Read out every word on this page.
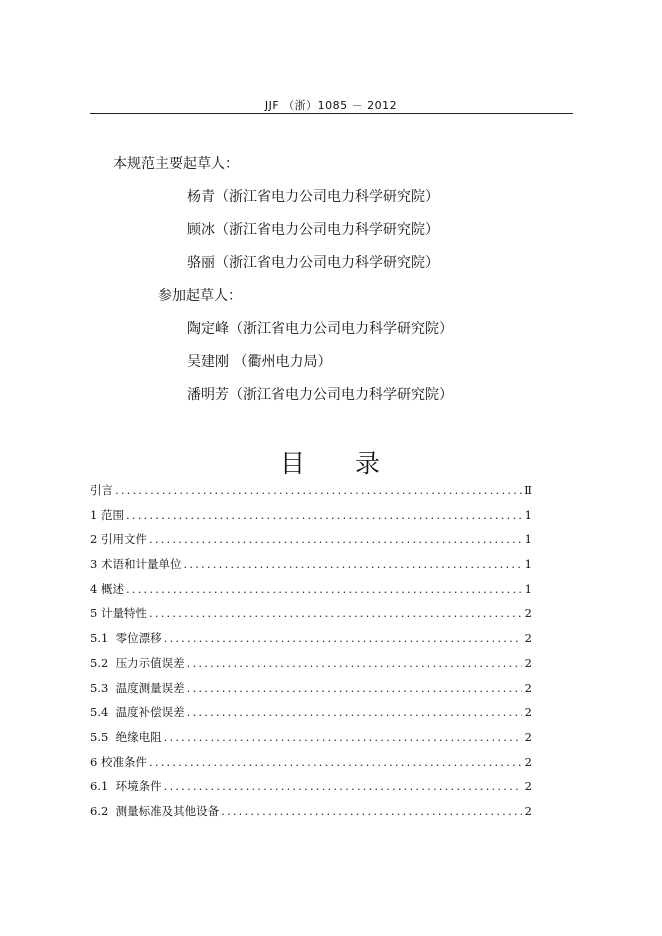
JJF （浙）1085 － 2012
本规范主要起草人：
杨青（浙江省电力公司电力科学研究院）
顾冰（浙江省电力公司电力科学研究院）
骆丽（浙江省电力公司电力科学研究院）
参加起草人：
陶定峰（浙江省电力公司电力科学研究院）
吴建刚 （衢州电力局）
潘明芳（浙江省电力公司电力科学研究院）
目 录
引言 .....	Ⅱ
1 范围 .....	1
2 引用文件 .....	1
3 术语和计量单位 .....	1
4 概述 .....	1
5 计量特性 .....	2
5.1  零位漂移 .....	2
5.2  压力示值误差 .....	2
5.3  温度测量误差 .....	2
5.4  温度补偿误差 .....	2
5.5  绝缘电阻 .....	2
6 校准条件 .....	2
6.1  环境条件 .....	2
6.2  测量标准及其他设备 .....	2
